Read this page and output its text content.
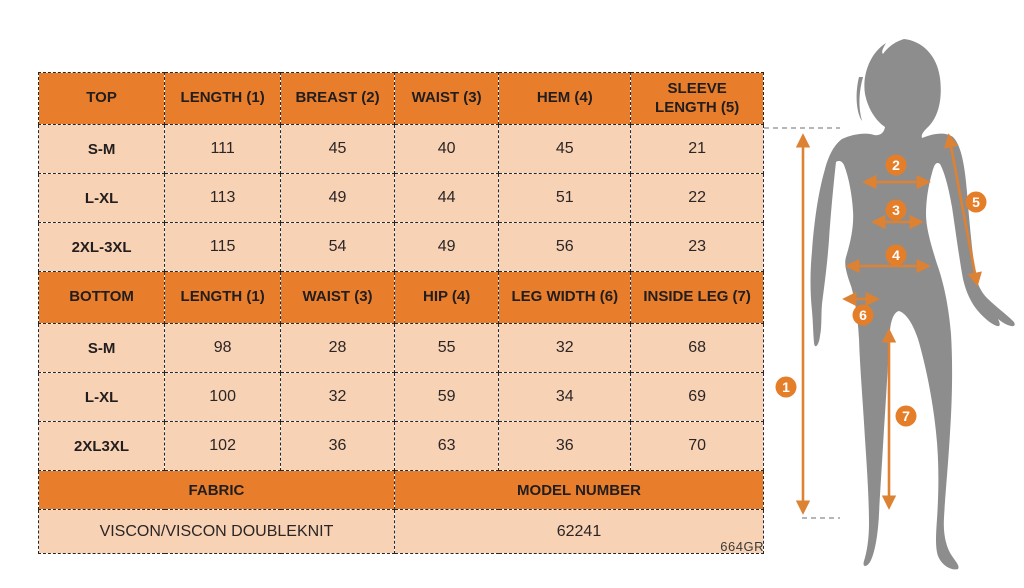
TOP	LENGTH (1)	BREAST (2)	WAIST (3)	HEM (4)	SLEEVE LENGTH (5)
S-M	111	45	40	45	21
L-XL	113	49	44	51	22
2XL-3XL	115	54	49	56	23
BOTTOM	LENGTH (1)	WAIST (3)	HIP (4)	LEG WIDTH (6)	INSIDE LEG (7)
S-M	98	28	55	32	68
L-XL	100	32	59	34	69
2XL3XL	102	36	63	36	70
FABRIC			MODEL NUMBER		
VISCON/VISCON DOUBLEKNIT			62241		
664GR
1
2
3
4
5
6
7
